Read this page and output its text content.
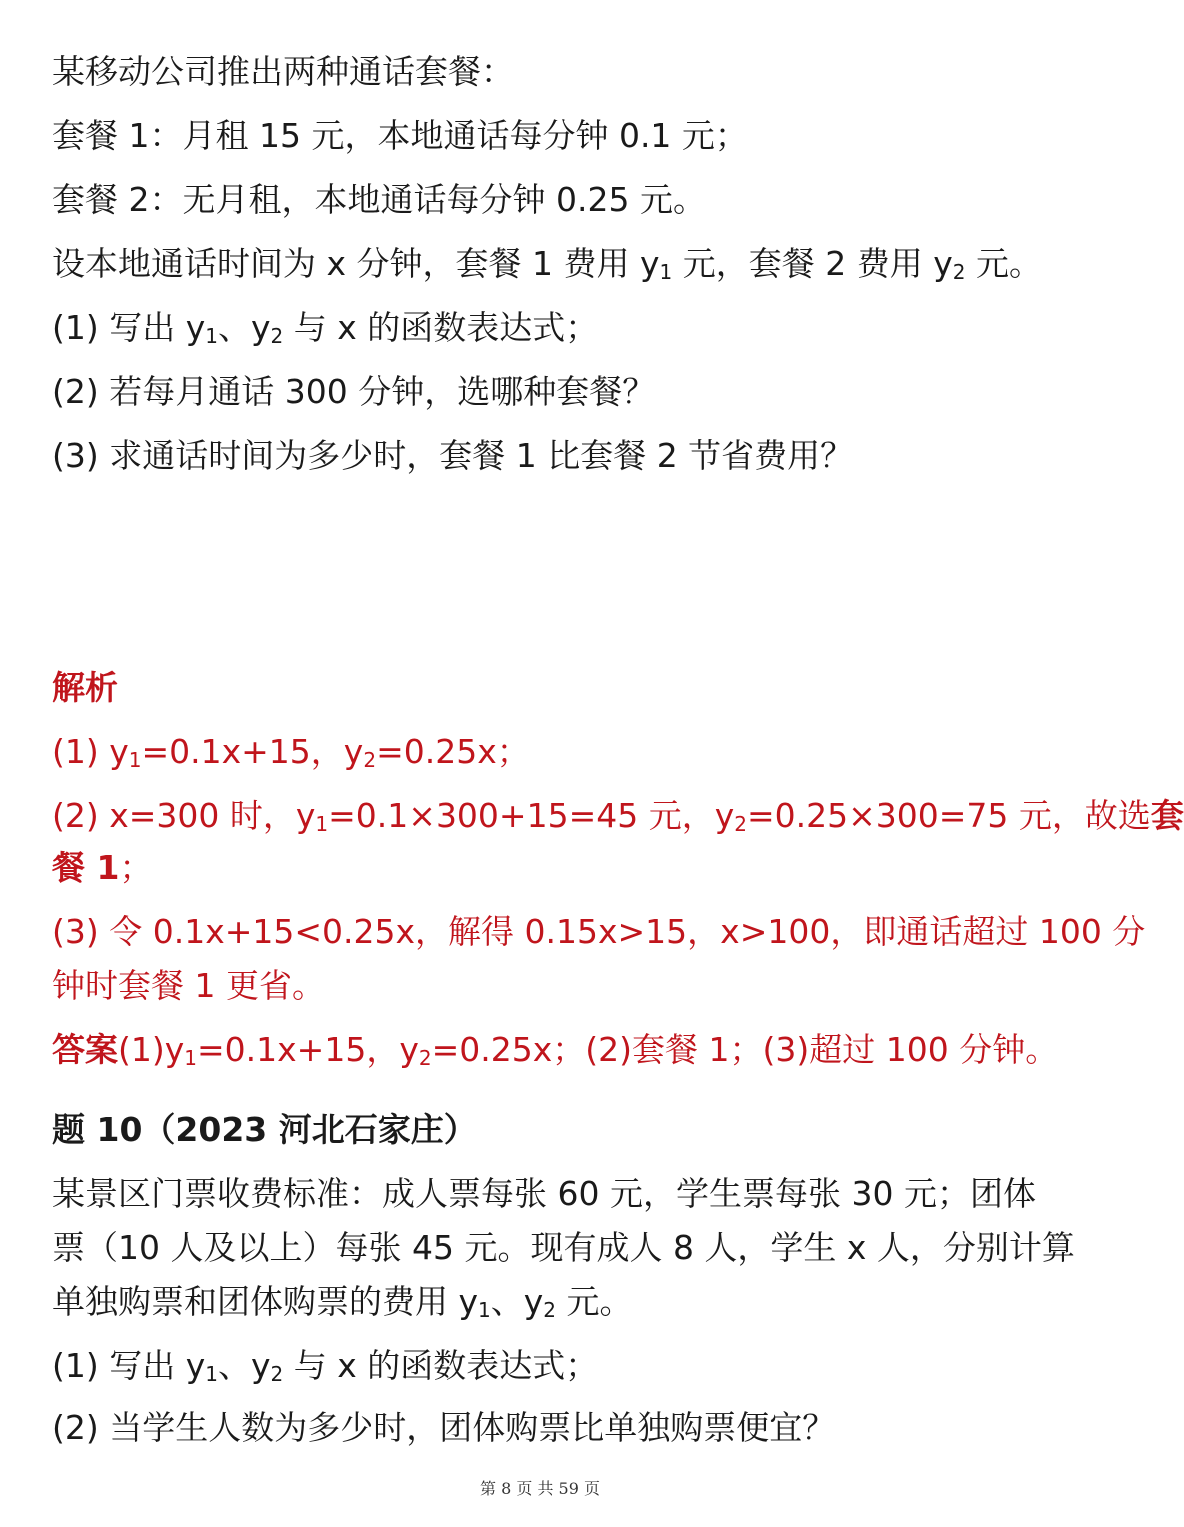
某移动公司推出两种通话套餐：
套餐 1：月租 15 元，本地通话每分钟 0.1 元；
套餐 2：无月租，本地通话每分钟 0.25 元。
设本地通话时间为 x 分钟，套餐 1 费用 $y_1$ 元，套餐 2 费用 $y_2$ 元。
(1) 写出 $y_1$、$y_2$ 与 x 的函数表达式；
(2) 若每月通话 300 分钟，选哪种套餐？
(3) 求通话时间为多少时，套餐 1 比套餐 2 节省费用？
解析
(1) $y_1=0.1x+15$，$y_2=0.25x$；
(2) x=300 时，$y_1=0.1\times 300+15=45$ 元，$y_2=0.25\times 300=75$ 元，故选套
餐 1；
(3) 令 0.1x+15<0.25x，解得 0.15x>15，x>100，即通话超过 100 分
钟时套餐 1 更省。
答案$(1)y_1=0.1x+15$，$y_2=0.25x$；(2)套餐 1；(3)超过 100 分钟。
题 10（2023 河北石家庄）
某景区门票收费标准：成人票每张 60 元，学生票每张 30 元；团体
票（10 人及以上）每张 45 元。现有成人 8 人，学生 x 人，分别计算
单独购票和团体购票的费用 $y_1$、$y_2$ 元。
(1) 写出 $y_1$、$y_2$ 与 x 的函数表达式；
(2) 当学生人数为多少时，团体购票比单独购票便宜？
第 8 页 共 59 页
